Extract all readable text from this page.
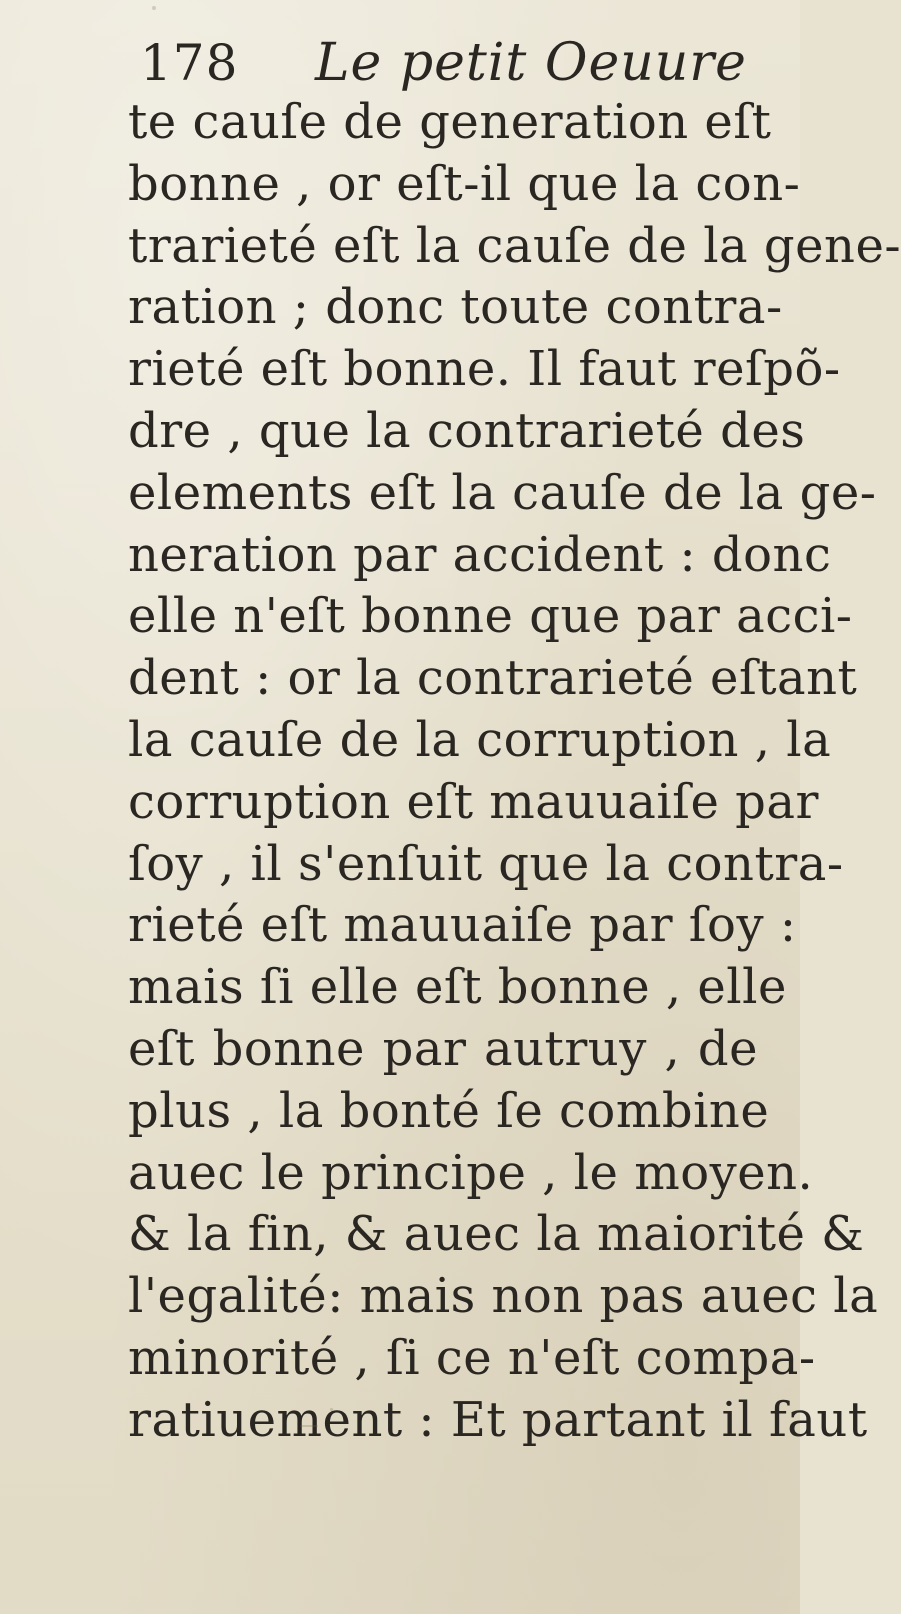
178 Le petit Oeuure
te cauſe de generation eſt
bonne , or eſt-il que la con-
trarieté eſt la cauſe de la gene-
ration ; donc toute contra-
rieté eſt bonne. Il faut reſpõ-
dre , que la contrarieté des
elements eſt la cauſe de la ge-
neration par accident : donc
elle n'eſt bonne que par acci-
dent : or la contrarieté eſtant
la cauſe de la corruption , la
corruption eſt mauuaiſe par
ſoy , il s'enſuit que la contra-
rieté eſt mauuaiſe par ſoy :
mais ſi elle eſt bonne , elle
eſt bonne par autruy , de
plus , la bonté ſe combine
auec le principe , le moyen.
& la fin, & auec la maiorité &
l'egalité: mais non pas auec la
minorité , ſi ce n'eſt compa-
ratiuement : Et partant il faut
